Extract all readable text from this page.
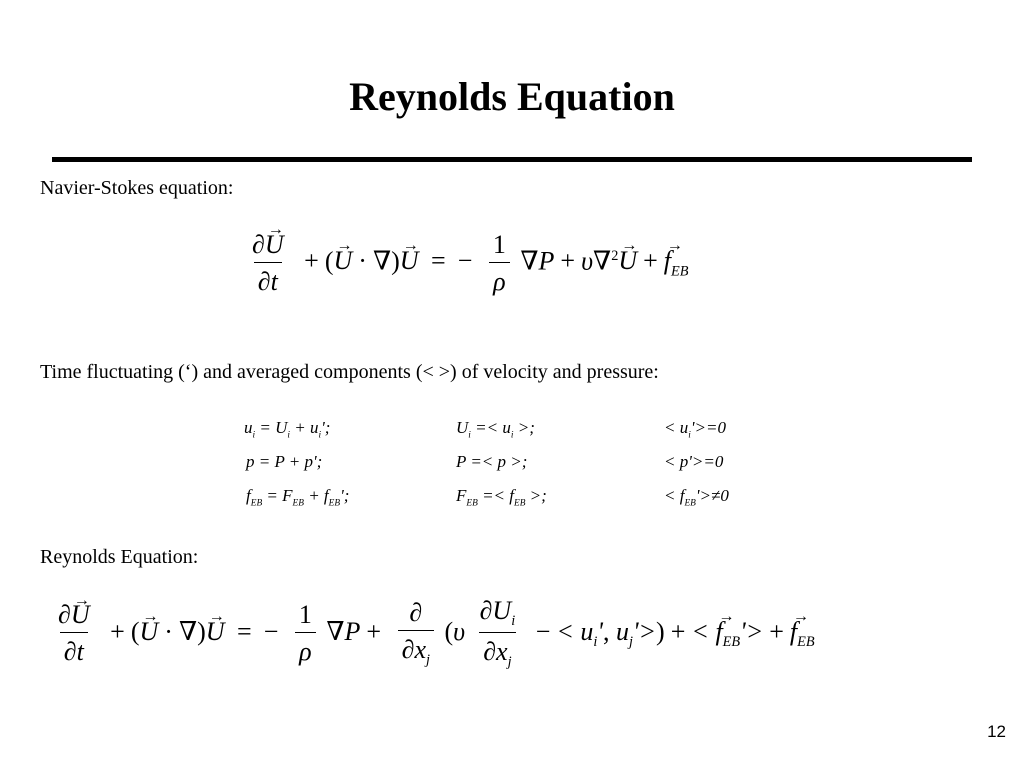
Reynolds Equation
Navier-Stokes equation:
$\frac{\partial\to U}{\partial t}$ + (→ U · ∇)→ U = − $\frac{1}{\rho} \nabla P + \upsilon\nabla^2\to U +\to f_{EB}$
Time fluctuating (‘) and averaged components (< >) of velocity and pressure:
$u_i = U_i + u_i'$ ;	$U_i =< u_i$ > ;	< $u_i'>= 0$
p = P + p' ;	P =< p > ;	< p'>= 0
$f_{EB} = F_{EB} + f_{EB}'$ ;	$F_{EB} =< f_{EB}$ > ;	< $f_{EB}'>\ne 0$
Reynolds Equation:
$\frac{\partial\to U}{\partial t}$ + (→ U · ∇)→ U = − $\frac{1}{\rho} \nabla P + \frac{\partial}{\partial x_j} (\upsilon \frac{\partial U_i}{\partial x_j}$ − < $u_i'$, $u_j'>$) + < → $f_{EB}'> +\to f_{EB}$
12
